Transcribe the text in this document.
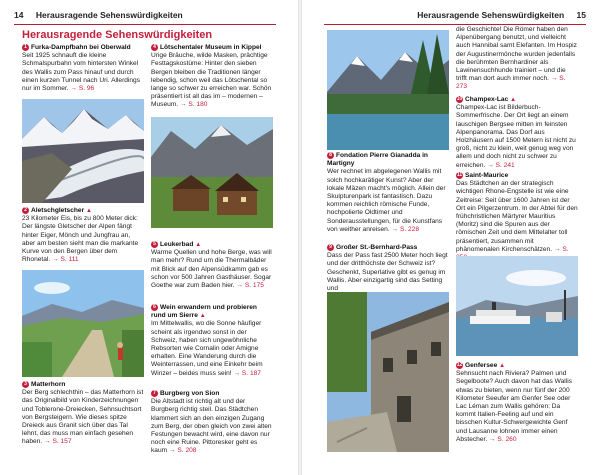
14 Herausragende Sehenswürdigkeiten
Herausragende Sehenswürdigkeiten
1 Furka-Dampfbahn bei Oberwald
Seit 1925 schnauft die kleine Schmalspurbahn vom hintersten Winkel des Wallis zum Pass hinauf und durch einen kurzen Tunnel nach Uri. Allerdings nur im Sommer. → S. 96
2 Aletschgletscher ▲
23 Kilometer Eis, bis zu 800 Meter dick: Der längste Gletscher der Alpen fängt hinter Eiger, Mönch und Jungfrau an, aber am besten sieht man die markante Kurve von den Bergen über dem Rhonetal. → S. 111
3 Matterhorn
Der Berg schlechthin – das Matterhorn ist das Originalbild von Kinderzeichnungen und Toblerone-Dreiecken, Sehnsuchtsort von Bergsteigern. Wie dieses spitze Dreieck aus Granit sich über das Tal lehnt, das muss man einfach gesehen haben. → S. 157
4 Lötschentaler Museum in Kippel
Urige Bräuche, wilde Masken, prächtige Festtagskostüme: Hinter den sieben Bergen bleiben die Traditionen länger lebendig, schon weil das Lötschental so lange so schwer zu erreichen war. Schön präsentiert ist all das im – modernen – Museum. → S. 180
5 Leukerbad ▲
Warme Quellen und hohe Berge, was will man mehr? Rund um die Thermalbäder mit Blick auf den Alpensüdkamm gab es schon vor 500 Jahren Gasthäuser. Sogar Goethe war zum Baden hier. → S. 175
6 Wein erwandern und probieren rund um Sierre ▲
Im Mittelwallis, wo die Sonne häufiger scheint als irgendwo sonst in der Schweiz, haben sich ungewöhnliche Rebsorten wie Cornalin oder Amigne erhalten. Eine Wanderung durch die Weinterrassen, und eine Einkehr beim Winzer – beides muss sein! → S. 187
7 Burgberg von Sion
Die Altstadt ist richtig alt und der Burgberg richtig steil. Das Städtchen klammert sich an den einzigen Zugang zum Berg, der oben gleich von zwei alten Festungen bewacht wird, eine davon nur noch eine Ruine. Pittoresker geht es kaum → S. 208
Herausragende Sehenswürdigkeiten 15
8 Fondation Pierre Gianadda in Martigny
Wer rechnet im abgelegenen Wallis mit solch hochkarätiger Kunst? Aber der lokale Mäzen macht's möglich. Allein der Skulpturenpark ist fantastisch. Dazu kommen reichlich römische Funde, hochpolierte Oldtimer und Sonderausstellungen, für die Kunstfans von weither anreisen. → S. 228
9 Großer St.-Bernhard-Pass
Dass der Pass fast 2500 Meter hoch liegt und der dritthöchste der Schweiz ist? Geschenkt, Superlative gibt es genug im Wallis. Aber einzigartig sind das Setting und
die Geschichte! Die Römer haben den Alpenübergang benutzt, und vielleicht auch Hannibal samt Elefanten. Im Hospiz der Augustinermönche wurden jedenfalls die berühmten Bernhardiner als Lawinensuchhunde trainiert – und die trifft man dort auch immer noch. → S. 273
10 Champex-Lac ▲
Champex-Lac ist Bilderbuch-Sommerfrische. Der Ort liegt an einem lauschigen Bergsee mitten im feinsten Alpenpanorama. Das Dorf aus Holzhäusern auf 1500 Metern ist nicht zu groß, nicht zu klein, weit genug weg von allem und doch nicht zu schwer zu erreichen. → S. 241
11 Saint-Maurice
Das Städtchen an der strategisch wichtigen Rhone-Engstelle ist wie eine Zeitreise: Seit über 1600 Jahren ist der Ort ein Pilgerzentrum. In der Abtei für den frühchristlichen Märtyrer Mauritius (Moritz) sind die Spuren aus der römischen Zeit und dem Mittelalter toll präsentiert, zusammen mit phänomenalen Kirchenschätzen. → S.
12 Genfersee ▲
Sehnsucht nach Riviera? Palmen und Segelboote? Auch davon hat das Wallis etwas zu bieten, wenn nur fünf der 200 Kilometer Seeufer am Genfer See oder Lac Léman zum Wallis gehören: Da kommt Italien-Feeling auf und ein bisschen Kultur-Schwergewichte Genf und Lausanne lohnen immer einen Abstecher. → S. 260
